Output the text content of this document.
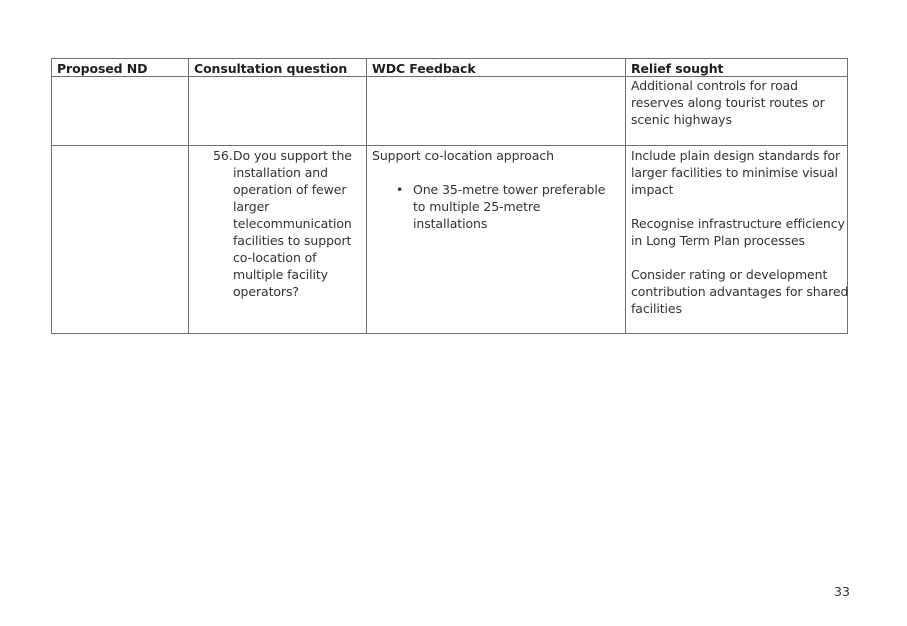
Proposed ND	Consultation question WDC Feedback	Relief sought
Additional controls for road reserves along tourist routes or scenic highways
56. Do you support the installation and operation of fewer larger telecommunication facilities to support co-location of multiple facility operators?
Support co-location approach
• One 35-metre tower preferable to multiple 25-metre installations
Include plain design standards for larger facilities to minimise visual impact
Recognise infrastructure efficiency in Long Term Plan processes
Consider rating or development contribution advantages for shared facilities
33
